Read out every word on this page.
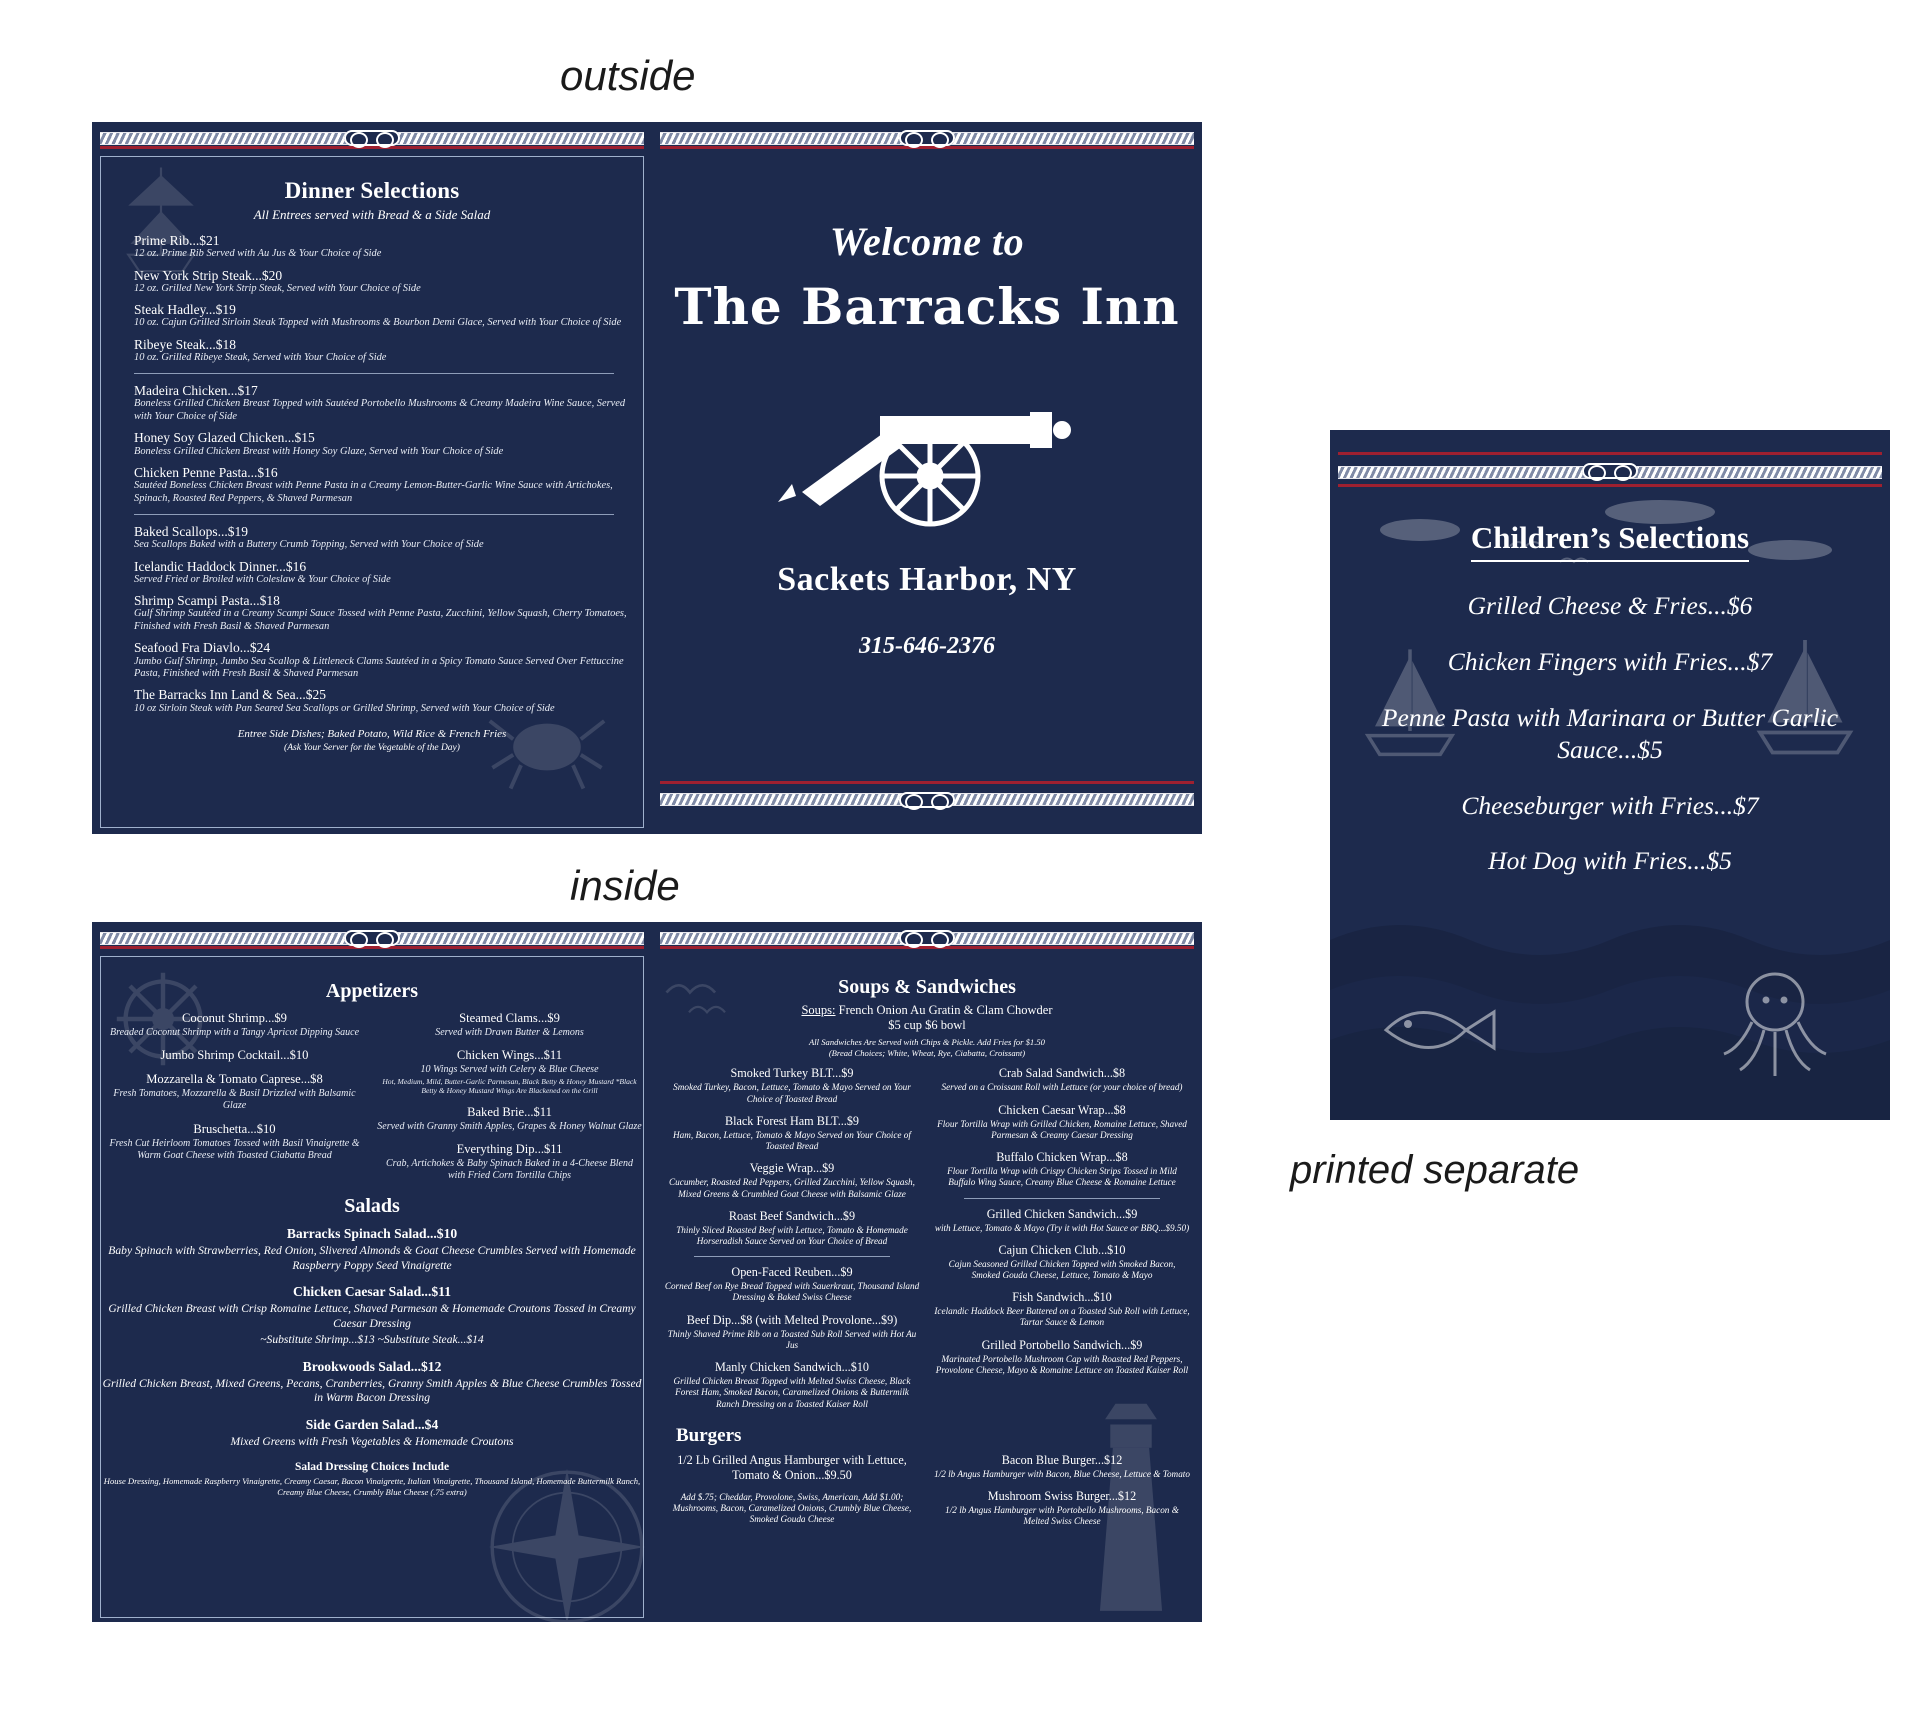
outside
inside
printed separate
Dinner Selections
All Entrees served with Bread & a Side Salad
Prime Rib...$21
12 oz. Prime Rib Served with Au Jus & Your Choice of Side
New York Strip Steak...$20
12 oz. Grilled New York Strip Steak, Served with Your Choice of Side
Steak Hadley...$19
10 oz. Cajun Grilled Sirloin Steak Topped with Mushrooms & Bourbon Demi Glace, Served with Your Choice of Side
Ribeye Steak...$18
10 oz. Grilled Ribeye Steak, Served with Your Choice of Side
Madeira Chicken...$17
Boneless Grilled Chicken Breast Topped with Sautéed Portobello Mushrooms & Creamy Madeira Wine Sauce, Served with Your Choice of Side
Honey Soy Glazed Chicken...$15
Boneless Grilled Chicken Breast with Honey Soy Glaze, Served with Your Choice of Side
Chicken Penne Pasta...$16
Sautéed Boneless Chicken Breast with Penne Pasta in a Creamy Lemon-Butter-Garlic Wine Sauce with Artichokes, Spinach, Roasted Red Peppers, & Shaved Parmesan
Baked Scallops...$19
Sea Scallops Baked with a Buttery Crumb Topping, Served with Your Choice of Side
Icelandic Haddock Dinner...$16
Served Fried or Broiled with Coleslaw & Your Choice of Side
Shrimp Scampi Pasta...$18
Gulf Shrimp Sautéed in a Creamy Scampi Sauce Tossed with Penne Pasta, Zucchini, Yellow Squash, Cherry Tomatoes, Finished with Fresh Basil & Shaved Parmesan
Seafood Fra Diavlo...$24
Jumbo Gulf Shrimp, Jumbo Sea Scallop & Littleneck Clams Sautéed in a Spicy Tomato Sauce Served Over Fettuccine Pasta, Finished with Fresh Basil & Shaved Parmesan
The Barracks Inn Land & Sea...$25
10 oz Sirloin Steak with Pan Seared Sea Scallops or Grilled Shrimp, Served with Your Choice of Side
Entree Side Dishes; Baked Potato, Wild Rice & French Fries
(Ask Your Server for the Vegetable of the Day)
Welcome to
The Barracks Inn
Sackets Harbor, NY
315-646-2376
Appetizers
Coconut Shrimp...$9
Breaded Coconut Shrimp with a Tangy Apricot Dipping Sauce
Jumbo Shrimp Cocktail...$10
Mozzarella & Tomato Caprese...$8
Fresh Tomatoes, Mozzarella & Basil Drizzled with Balsamic Glaze
Bruschetta...$10
Fresh Cut Heirloom Tomatoes Tossed with Basil Vinaigrette & Warm Goat Cheese with Toasted Ciabatta Bread
Steamed Clams...$9
Served with Drawn Butter & Lemons
Chicken Wings...$11
10 Wings Served with Celery & Blue Cheese
Hot, Medium, Mild, Butter-Garlic Parmesan, Black Betty & Honey Mustard *Black Betty & Honey Mustard Wings Are Blackened on the Grill
Baked Brie...$11
Served with Granny Smith Apples, Grapes & Honey Walnut Glaze
Everything Dip...$11
Crab, Artichokes & Baby Spinach Baked in a 4-Cheese Blend with Fried Corn Tortilla Chips
Salads
Barracks Spinach Salad...$10
Baby Spinach with Strawberries, Red Onion, Slivered Almonds & Goat Cheese Crumbles Served with Homemade Raspberry Poppy Seed Vinaigrette
Chicken Caesar Salad...$11
Grilled Chicken Breast with Crisp Romaine Lettuce, Shaved Parmesan & Homemade Croutons Tossed in Creamy Caesar Dressing
~Substitute Shrimp...$13 ~Substitute Steak...$14
Brookwoods Salad...$12
Grilled Chicken Breast, Mixed Greens, Pecans, Cranberries, Granny Smith Apples & Blue Cheese Crumbles Tossed in Warm Bacon Dressing
Side Garden Salad...$4
Mixed Greens with Fresh Vegetables & Homemade Croutons
Salad Dressing Choices Include
House Dressing, Homemade Raspberry Vinaigrette, Creamy Caesar, Bacon Vinaigrette, Italian Vinaigrette, Thousand Island, Homemade Buttermilk Ranch, Creamy Blue Cheese, Crumbly Blue Cheese (.75 extra)
Soups & Sandwiches
Soups: French Onion Au Gratin & Clam Chowder
$5 cup $6 bowl
All Sandwiches Are Served with Chips & Pickle. Add Fries for $1.50
(Bread Choices; White, Wheat, Rye, Ciabatta, Croissant)
Smoked Turkey BLT...$9
Smoked Turkey, Bacon, Lettuce, Tomato & Mayo Served on Your Choice of Toasted Bread
Black Forest Ham BLT...$9
Ham, Bacon, Lettuce, Tomato & Mayo Served on Your Choice of Toasted Bread
Veggie Wrap...$9
Cucumber, Roasted Red Peppers, Grilled Zucchini, Yellow Squash, Mixed Greens & Crumbled Goat Cheese with Balsamic Glaze
Roast Beef Sandwich...$9
Thinly Sliced Roasted Beef with Lettuce, Tomato & Homemade Horseradish Sauce Served on Your Choice of Bread
Open-Faced Reuben...$9
Corned Beef on Rye Bread Topped with Sauerkraut, Thousand Island Dressing & Baked Swiss Cheese
Beef Dip...$8 (with Melted Provolone...$9)
Thinly Shaved Prime Rib on a Toasted Sub Roll Served with Hot Au Jus
Manly Chicken Sandwich...$10
Grilled Chicken Breast Topped with Melted Swiss Cheese, Black Forest Ham, Smoked Bacon, Caramelized Onions & Buttermilk Ranch Dressing on a Toasted Kaiser Roll
Crab Salad Sandwich...$8
Served on a Croissant Roll with Lettuce (or your choice of bread)
Chicken Caesar Wrap...$8
Flour Tortilla Wrap with Grilled Chicken, Romaine Lettuce, Shaved Parmesan & Creamy Caesar Dressing
Buffalo Chicken Wrap...$8
Flour Tortilla Wrap with Crispy Chicken Strips Tossed in Mild Buffalo Wing Sauce, Creamy Blue Cheese & Romaine Lettuce
Grilled Chicken Sandwich...$9
with Lettuce, Tomato & Mayo (Try it with Hot Sauce or BBQ...$9.50)
Cajun Chicken Club...$10
Cajun Seasoned Grilled Chicken Topped with Smoked Bacon, Smoked Gouda Cheese, Lettuce, Tomato & Mayo
Fish Sandwich...$10
Icelandic Haddock Beer Battered on a Toasted Sub Roll with Lettuce, Tartar Sauce & Lemon
Grilled Portobello Sandwich...$9
Marinated Portobello Mushroom Cap with Roasted Red Peppers, Provolone Cheese, Mayo & Romaine Lettuce on Toasted Kaiser Roll
Burgers
1/2 Lb Grilled Angus Hamburger with Lettuce, Tomato & Onion...$9.50
Add $.75; Cheddar, Provolone, Swiss, American, Add $1.00; Mushrooms, Bacon, Caramelized Onions, Crumbly Blue Cheese, Smoked Gouda Cheese
Bacon Blue Burger...$12
1/2 lb Angus Hamburger with Bacon, Blue Cheese, Lettuce & Tomato
Mushroom Swiss Burger...$12
1/2 lb Angus Hamburger with Portobello Mushrooms, Bacon & Melted Swiss Cheese
Children’s Selections
Grilled Cheese & Fries...$6
Chicken Fingers with Fries...$7
Penne Pasta with Marinara or Butter Garlic Sauce...$5
Cheeseburger with Fries...$7
Hot Dog with Fries...$5
